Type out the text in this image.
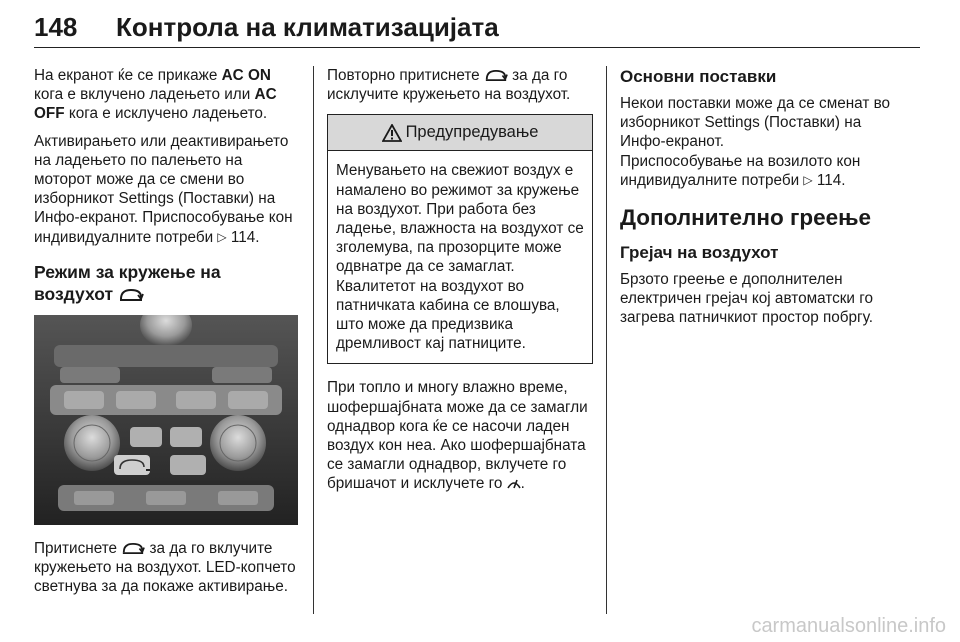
148 Контрола на климатизацијата

На екранот ќе се прикаже AC ON кога е вклучено ладењето или AC OFF кога е исклучено ладењето.

Активирањето или деактивирањето на ладењето по палењето на моторот може да се смени во изборникот Settings (Поставки) на Инфо-екранот. Приспособување кон индивидуалните потреби ▷ 114.

Режим за кружење на воздухот

Притиснете за да го вклучите кружењето на воздухот. LED-копчето светнува за да покаже активирање.

Повторно притиснете за да го исклучите кружењето на воздухот.

Предупредување
Менувањето на свежиот воздух е намалено во режимот за кружење на воздухот. При работа без ладење, влажноста на воздухот се зголемува, па прозорците може одвнатре да се замаглат. Квалитетот на воздухот во патничката кабина се влошува, што може да предизвика дремливост кај патниците.

При топло и многу влажно време, шофершајбната може да се замагли однадвор кога ќе се насочи ладен воздух кон неа. Ако шофершајбната се замагли однадвор, вклучете го бришачот и исклучете го .

Основни поставки

Некои поставки може да се сменат во изборникот Settings (Поставки) на Инфо-екранот.

Приспособување на возилото кон индивидуалните потреби ▷ 114.

Дополнително греење
Грејач на воздухот

Брзото греење е дополнителен електричен грејач кој автоматски го загрева патничкиот простор побргу.

carmanualsonline.info
